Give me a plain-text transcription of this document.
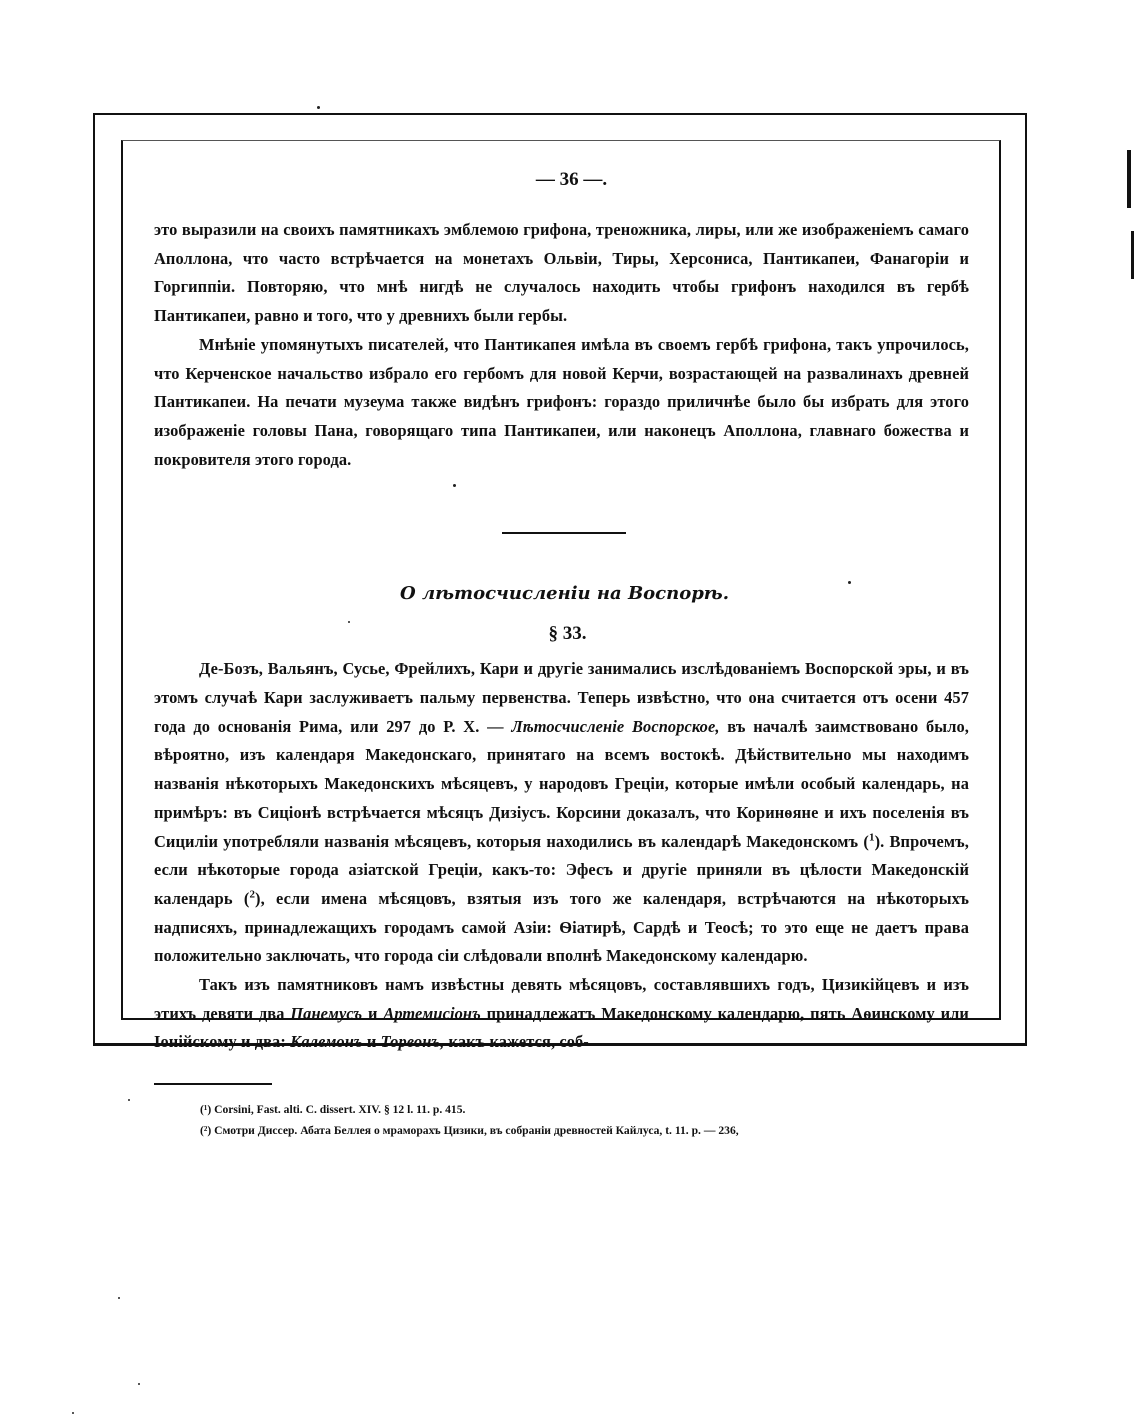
— 36 —.

это выразили на своихъ памятникахъ эмблемою грифона, треножника, лиры, или же изображеніемъ самаго Аполлона, что часто встрѣчается на монетахъ Ольвіи, Тиры, Херсониса, Пантикапеи, Фанагоріи и Горгиппіи. Повторяю, что мнѣ нигдѣ не случалось находить чтобы грифонъ находился въ гербѣ Пантикапеи, равно и того, что у древнихъ были гербы.

Мнѣніе упомянутыхъ писателей, что Пантикапея имѣла въ своемъ гербѣ грифона, такъ упрочилось, что Керченское начальство избрало его гербомъ для новой Керчи, возрастающей на развалинахъ древней Пантикапеи. На печати музеума также видѣнъ грифонъ: гораздо приличнѣе было бы избрать для этого изображеніе головы Пана, говорящаго типа Пантикапеи, или наконецъ Аполлона, главнаго божества и покровителя этого города.

О лѣтосчисленіи на Воспорѣ.
§ 33.

Де-Бозъ, Вальянъ, Сусье, Фрейлихъ, Кари и другіе занимались изслѣдованіемъ Воспорской эры, и въ этомъ случаѣ Кари заслуживаетъ пальму первенства. Теперь извѣстно, что она считается отъ осени 457 года до основанія Рима, или 297 до Р. Х. — Лѣтосчисленіе Воспорское, въ началѣ заимствовано было, вѣроятно, изъ календаря Македонскаго, принятаго на всемъ востокѣ. Дѣйствительно мы находимъ названія нѣкоторыхъ Македонскихъ мѣсяцевъ, у народовъ Греціи, которые имѣли особый календарь, на примѣръ: въ Сиціонѣ встрѣчается мѣсяцъ Дизіусъ. Корсини доказалъ, что Коринѳяне и ихъ поселенія въ Сициліи употребляли названія мѣсяцевъ, которыя находились въ календарѣ Македонскомъ ($^1$). Впрочемъ, если нѣкоторые города азіатской Греціи, какъ-то: Эфесъ и другіе приняли въ цѣлости Македонскій календарь ($^2$), если имена мѣсяцовъ, взятыя изъ того же календаря, встрѣчаются на нѣкоторыхъ надписяхъ, принадлежащихъ городамъ самой Азіи: Ѳіатирѣ, Сардѣ и Теосѣ; то это еще не даетъ права положительно заключать, что города сіи слѣдовали вполнѣ Македонскому календарю.

Такъ изъ памятниковъ намъ извѣстны девять мѣсяцовъ, составлявшихъ годъ, Цизикійцевъ и изъ этихъ девяти два Панемусъ и Артемисіонъ принадлежатъ Македонскому календарю, пять Аѳинскому или Іонійскому и два: Калемонъ и Тореонъ, какъ кажется, соб-

(¹) Corsini, Fast. alti. C. dissert. XIV. § 12 l. 11. p. 415.

(²) Смотри Диссер. Абата Беллея о мраморахъ Цизики, въ собраніи древностей Кайлуса, t. 11. p. — 236,
